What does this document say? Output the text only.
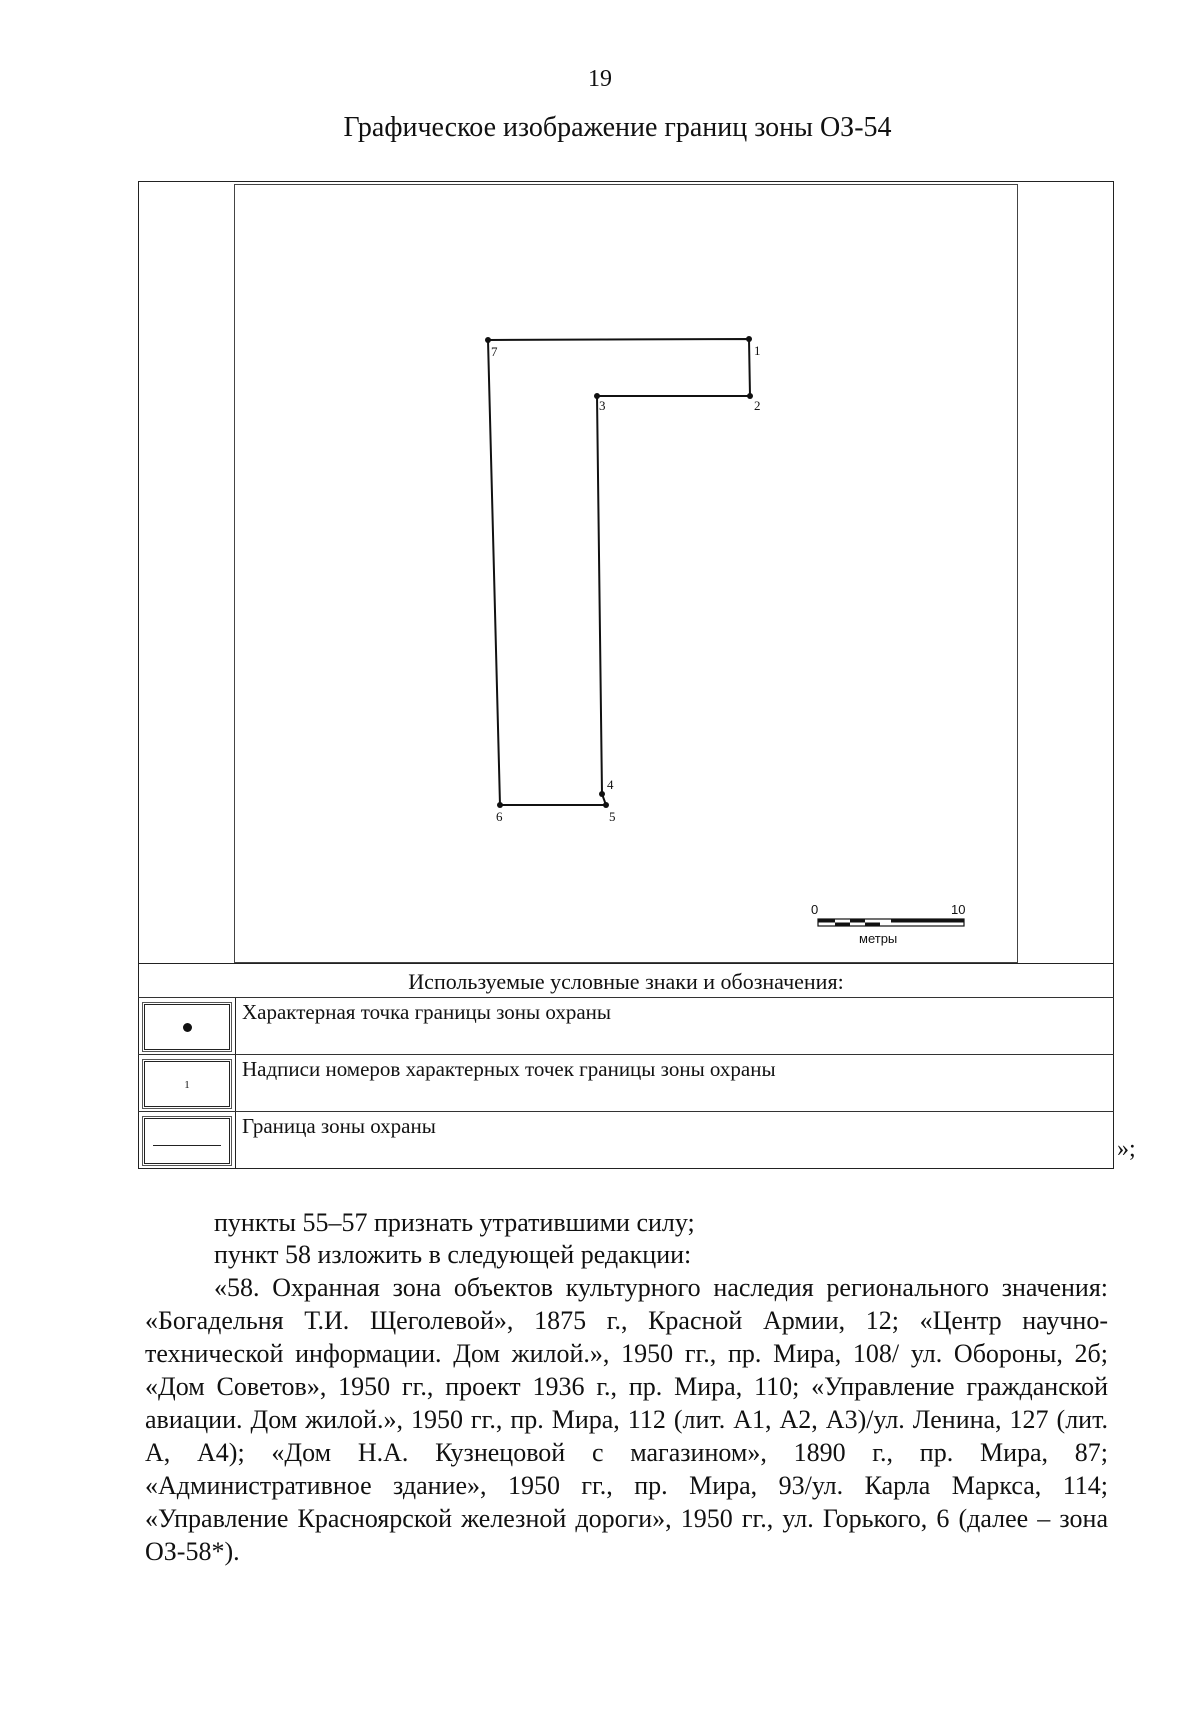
19
Графическое изображение границ зоны ОЗ-54
1
2
3
4
5
6
7
0	10
метры
Используемые условные знаки и обозначения:
Характерная точка границы зоны охраны
1
Надписи номеров характерных точек границы зоны охраны
Граница зоны охраны
»;
пункты 55–57 признать утратившими силу;
пункт 58 изложить в следующей редакции:
«58. Охранная зона объектов культурного наследия регионального значения: «Богадельня Т.И. Щеголевой», 1875 г., Красной Армии, 12; «Центр научно-технической информации. Дом жилой.», 1950 гг., пр. Мира, 108/ ул. Обороны, 2б; «Дом Советов», 1950 гг., проект 1936 г., пр. Мира, 110; «Управление гражданской авиации. Дом жилой.», 1950 гг., пр. Мира, 112 (лит. А1, А2, А3)/ул. Ленина, 127 (лит. А, А4); «Дом Н.А. Кузнецовой с магазином», 1890 г., пр. Мира, 87; «Административное здание», 1950 гг., пр. Мира, 93/ул. Карла Маркса, 114; «Управление Красноярской железной дороги», 1950 гг., ул. Горького, 6 (далее – зона ОЗ-58*).
